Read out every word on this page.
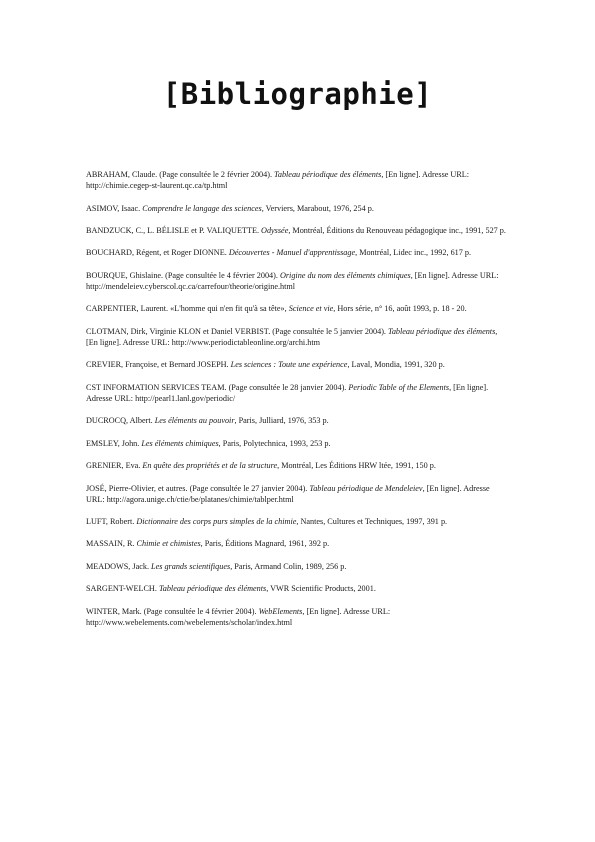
[Bibliographie]

ABRAHAM, Claude. (Page consultée le 2 février 2004). Tableau périodique des éléments, [En ligne]. Adresse URL: http://chimie.cegep-st-laurent.qc.ca/tp.html

ASIMOV, Isaac. Comprendre le langage des sciences, Verviers, Marabout, 1976, 254 p.

BANDZUCK, C., L. BÉLISLE et P. VALIQUETTE. Odyssée, Montréal, Éditions du Renouveau pédagogique inc., 1991, 527 p.

BOUCHARD, Régent, et Roger DIONNE. Découvertes - Manuel d'apprentissage, Montréal, Lidec inc., 1992, 617 p.

BOURQUE, Ghislaine. (Page consultée le 4 février 2004). Origine du nom des éléments chimiques, [En ligne]. Adresse URL: http://mendeleiev.cyberscol.qc.ca/carrefour/theorie/origine.html

CARPENTIER, Laurent. «L'homme qui n'en fit qu'à sa tête», Science et vie, Hors série, n° 16, août 1993, p. 18 - 20.

CLOTMAN, Dirk, Virginie KLON et Daniel VERBIST. (Page consultée le 5 janvier 2004). Tableau périodique des éléments, [En ligne]. Adresse URL: http://www.periodictableonline.org/archi.htm

CREVIER, Françoise, et Bernard JOSEPH. Les sciences : Toute une expérience, Laval, Mondia, 1991, 320 p.

CST INFORMATION SERVICES TEAM. (Page consultée le 28 janvier 2004). Periodic Table of the Elements, [En ligne]. Adresse URL: http://pearl1.lanl.gov/periodic/

DUCROCQ, Albert. Les éléments au pouvoir, Paris, Julliard, 1976, 353 p.

EMSLEY, John. Les éléments chimiques, Paris, Polytechnica, 1993, 253 p.

GRENIER, Eva. En quête des propriétés et de la structure, Montréal, Les Éditions HRW ltée, 1991, 150 p.

JOSÉ, Pierre-Olivier, et autres. (Page consultée le 27 janvier 2004). Tableau périodique de Mendeleiev, [En ligne]. Adresse URL: http://agora.unige.ch/ctie/be/platanes/chimie/tablper.html

LUFT, Robert. Dictionnaire des corps purs simples de la chimie, Nantes, Cultures et Techniques, 1997, 391 p.

MASSAIN, R. Chimie et chimistes, Paris, Éditions Magnard, 1961, 392 p.

MEADOWS, Jack. Les grands scientifiques, Paris, Armand Colin, 1989, 256 p.

SARGENT-WELCH. Tableau périodique des éléments, VWR Scientific Products, 2001.

WINTER, Mark. (Page consultée le 4 février 2004). WebElements, [En ligne]. Adresse URL: http://www.webelements.com/webelements/scholar/index.html
